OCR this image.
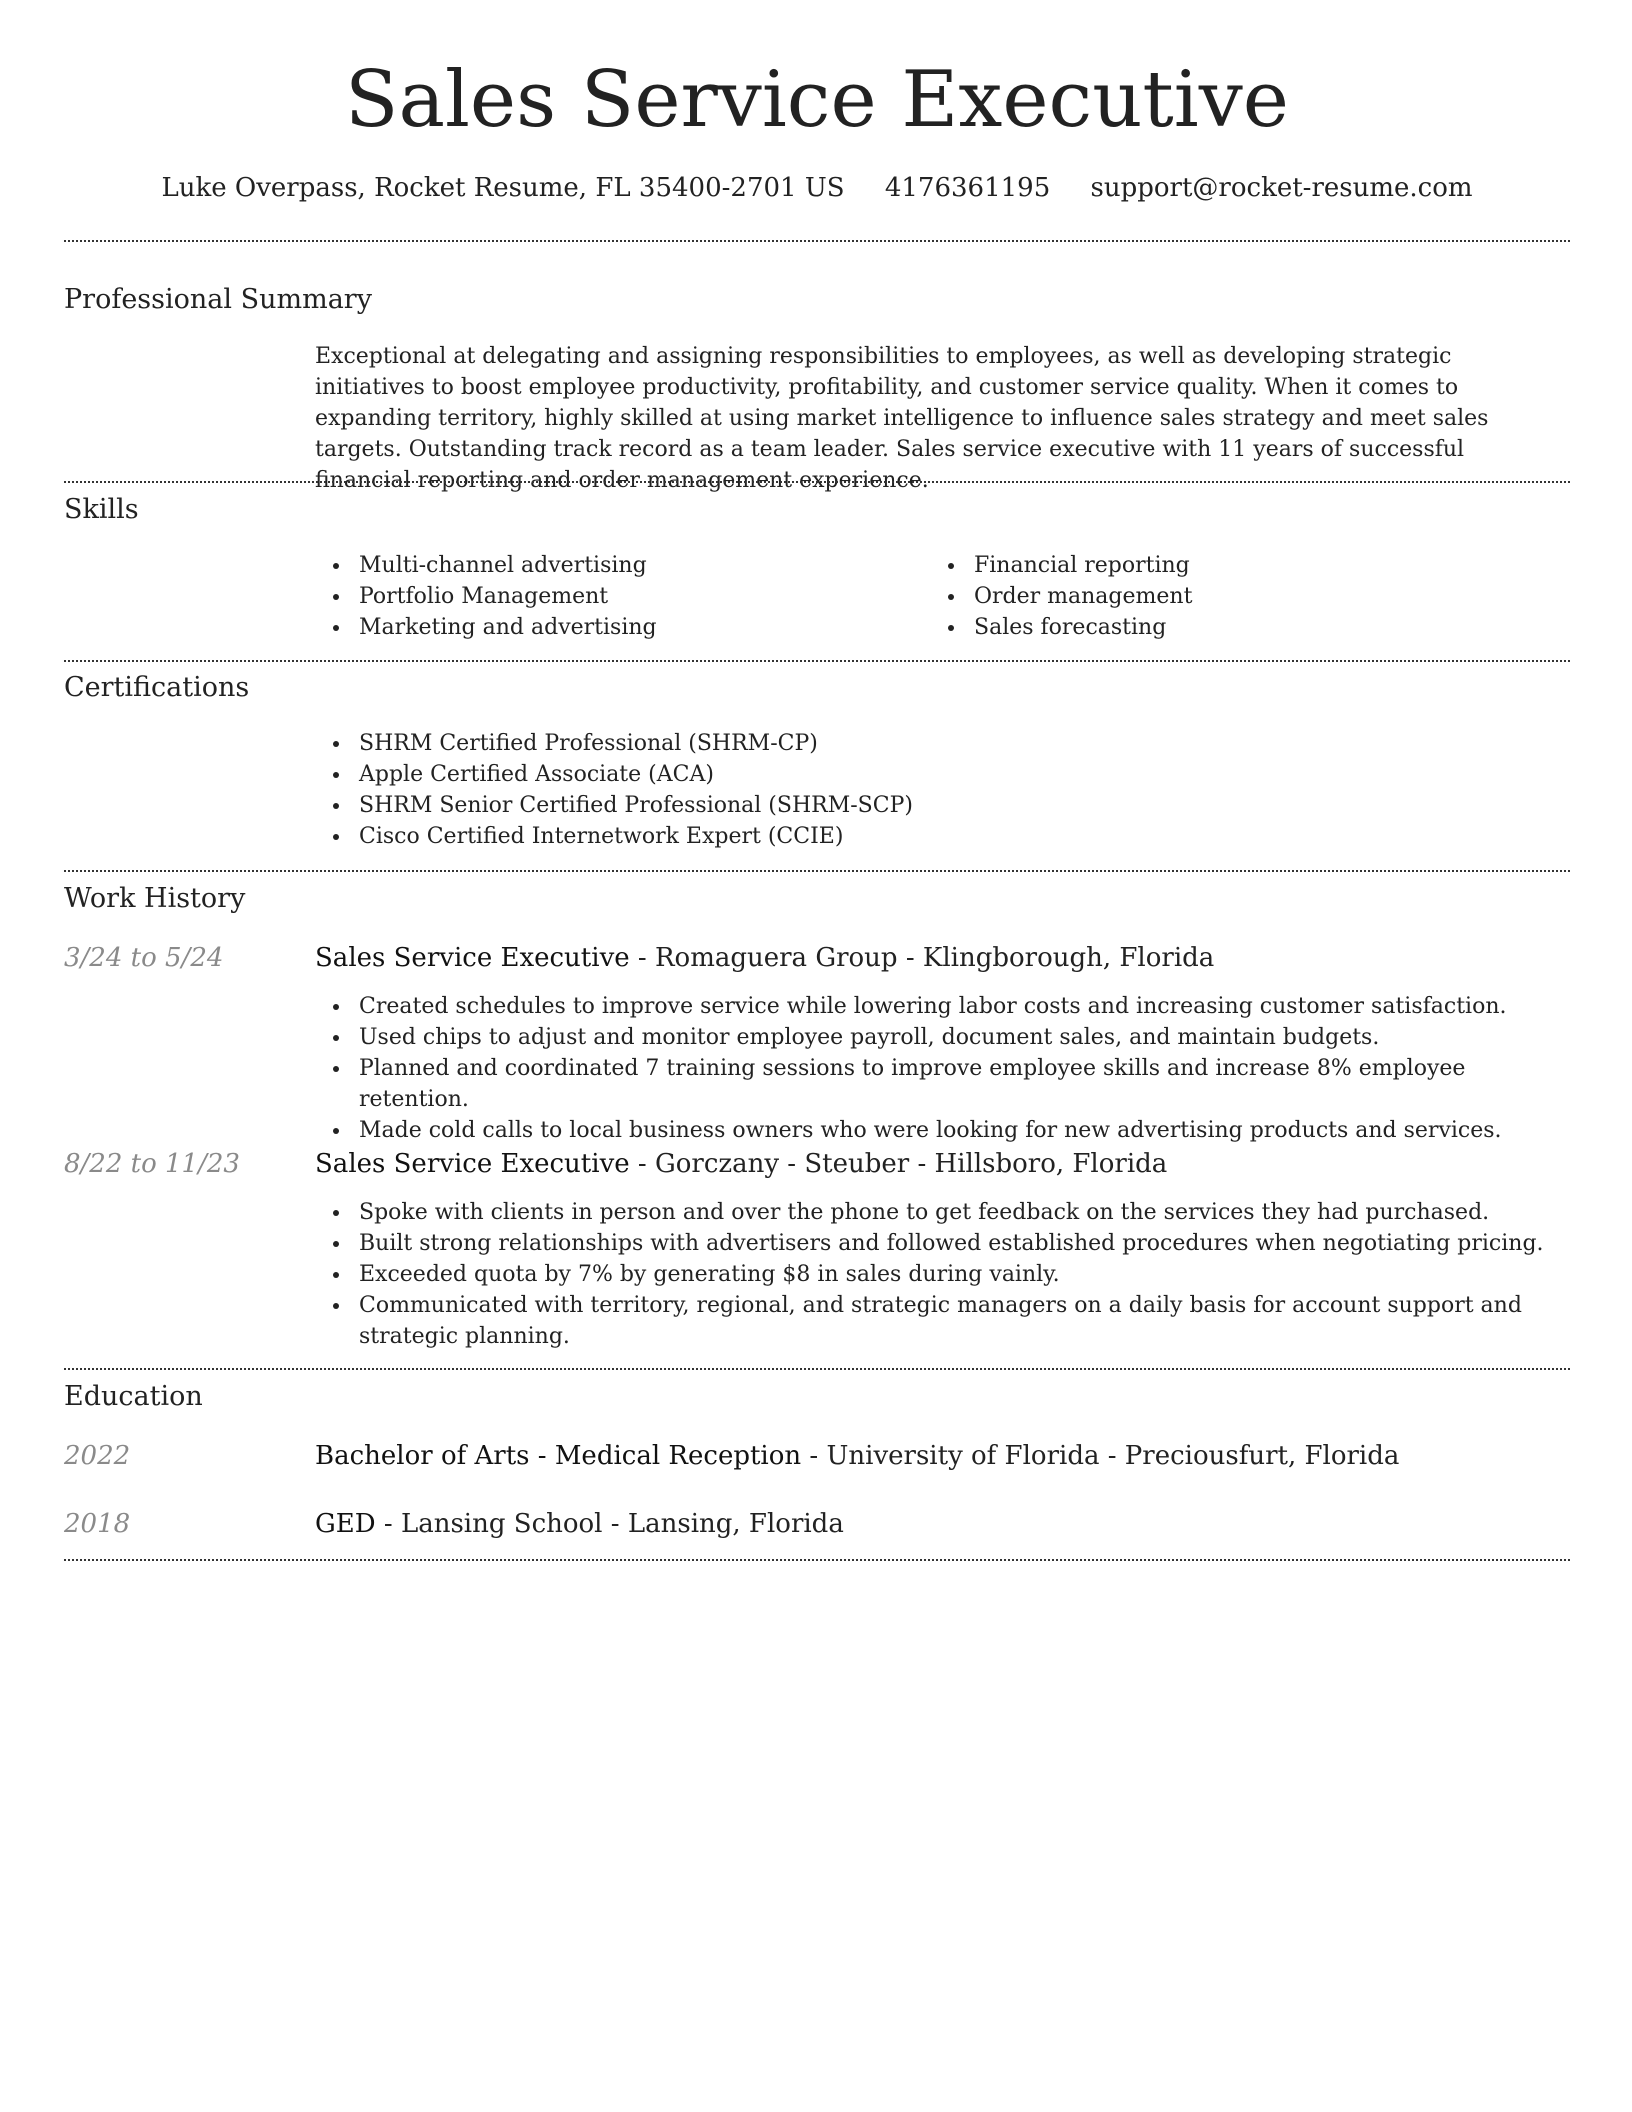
Sales Service Executive
Luke Overpass, Rocket Resume, FL 35400-2701 US 4176361195 support@rocket-resume.com
Professional Summary

Exceptional at delegating and assigning responsibilities to employees, as well as developing strategic initiatives to boost employee productivity, profitability, and customer service quality. When it comes to expanding territory, highly skilled at using market intelligence to influence sales strategy and meet sales targets. Outstanding track record as a team leader. Sales service executive with 11 years of successful financial reporting and order management experience.

Skills
Multi-channel advertising
Portfolio Management
Marketing and advertising
Financial reporting
Order management
Sales forecasting
Certifications
SHRM Certified Professional (SHRM-CP)
Apple Certified Associate (ACA)
SHRM Senior Certified Professional (SHRM-SCP)
Cisco Certified Internetwork Expert (CCIE)
Work History
3/24 to 5/24	Sales Service Executive - Romaguera Group - Klingborough, Florida
Created schedules to improve service while lowering labor costs and increasing customer satisfaction.
Used chips to adjust and monitor employee payroll, document sales, and maintain budgets.
Planned and coordinated 7 training sessions to improve employee skills and increase 8% employee retention.
Made cold calls to local business owners who were looking for new advertising products and services.
8/22 to 11/23	Sales Service Executive - Gorczany - Steuber - Hillsboro, Florida
Spoke with clients in person and over the phone to get feedback on the services they had purchased.
Built strong relationships with advertisers and followed established procedures when negotiating pricing.
Exceeded quota by 7% by generating $8 in sales during vainly.
Communicated with territory, regional, and strategic managers on a daily basis for account support and strategic planning.
Education
2022	Bachelor of Arts - Medical Reception - University of Florida - Preciousfurt, Florida
2018	GED - Lansing School - Lansing, Florida
